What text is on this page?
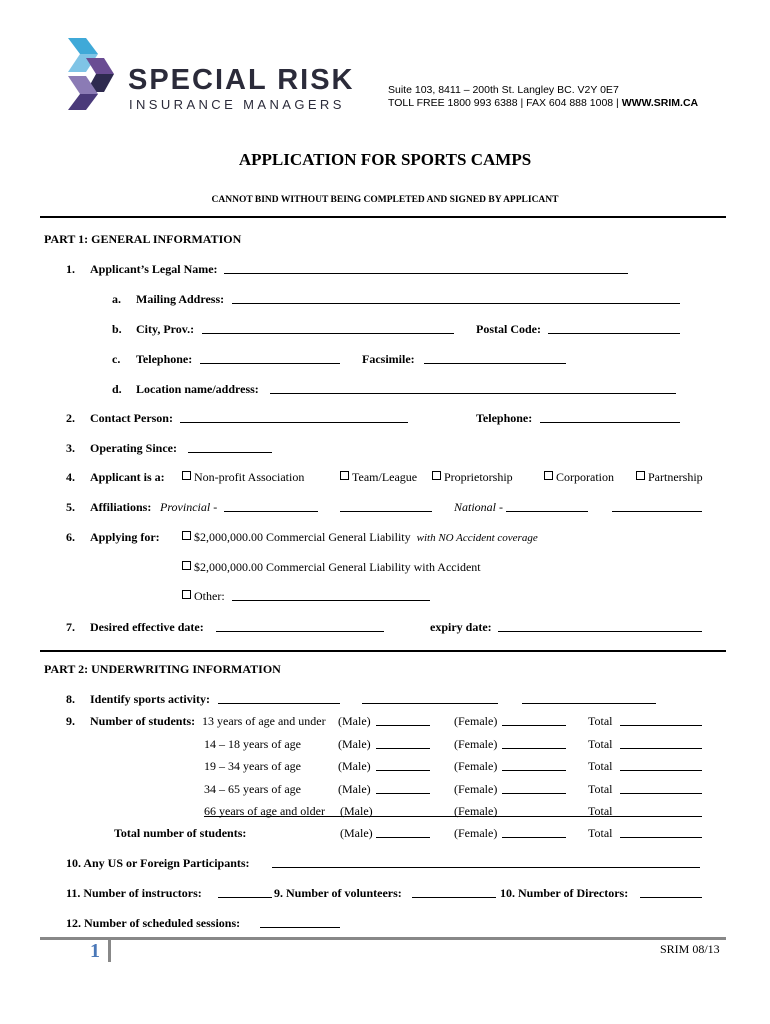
SPECIAL RISK
INSURANCE MANAGERS
Suite 103, 8411 – 200th St. Langley BC. V2Y 0E7
TOLL FREE 1800 993 6388 | FAX 604 888 1008 | WWW.SRIM.CA
APPLICATION FOR SPORTS CAMPS
CANNOT BIND WITHOUT BEING COMPLETED AND SIGNED BY APPLICANT
PART 1: GENERAL INFORMATION
1. Applicant’s Legal Name:
a. Mailing Address:
b. City, Prov.:	Postal Code:
c. Telephone:	Facsimile:
d. Location name/address:
2. Contact Person:	Telephone:
3. Operating Since:
4. Applicant is a:	Non-profit Association	Team/League	Proprietorship	Corporation	Partnership
5. Affiliations: Provincial -	National -
6. Applying for:	$2,000,000.00 Commercial General Liability with NO Accident coverage
$2,000,000.00 Commercial General Liability with Accident
Other:
7. Desired effective date:	expiry date:
PART 2: UNDERWRITING INFORMATION
8. Identify sports activity:
9. Number of students: 13 years of age and under (Male)	(Female)	Total
14 – 18 years of age	(Male)	(Female)	Total
19 – 34 years of age	(Male)	(Female)	Total
34 – 65 years of age	(Male)	(Female)	Total
66 years of age and older (Male)	(Female)	Total
Total number of students:	(Male)	(Female)	Total
10. Any US or Foreign Participants:
11. Number of instructors:	9. Number of volunteers:	10. Number of Directors:
12. Number of scheduled sessions:
1	SRIM 08/13
